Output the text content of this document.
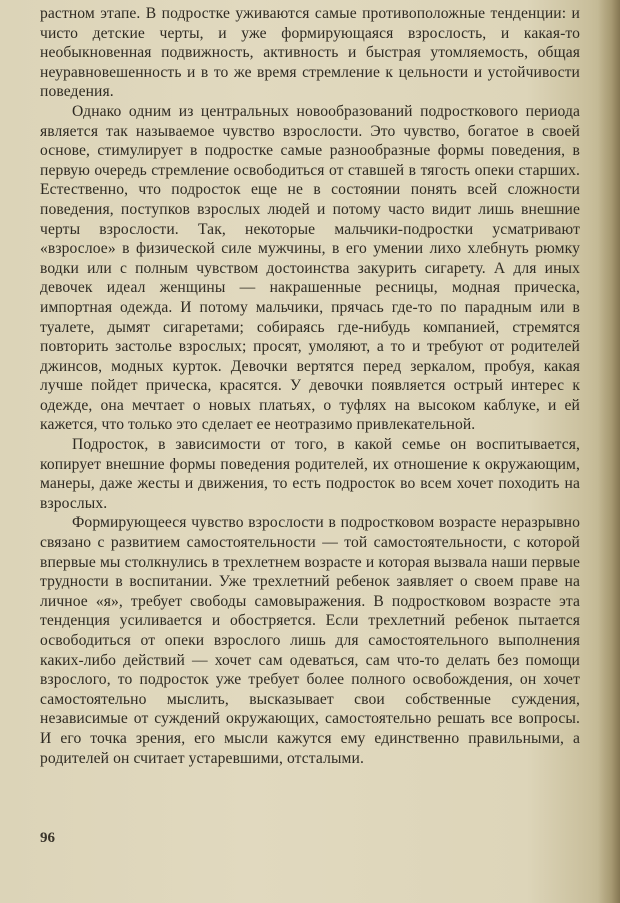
растном этапе. В подростке уживаются самые противоположные тенденции: и чисто детские черты, и уже формирующаяся взрослость, и какая-то необыкновенная подвижность, активность и быстрая утомляемость, общая неуравновешенность и в то же время стремление к цельности и устойчивости поведения.

Однако одним из центральных новообразований подросткового периода является так называемое чувство взрослости. Это чувство, богатое в своей основе, стимулирует в подростке самые разнообразные формы поведения, в первую очередь стремление освободиться от ставшей в тягость опеки старших. Естественно, что подросток еще не в состоянии понять всей сложности поведения, поступков взрослых людей и потому часто видит лишь внешние черты взрослости. Так, некоторые мальчики-подростки усматривают «взрослое» в физической силе мужчины, в его умении лихо хлебнуть рюмку водки или с полным чувством достоинства закурить сигарету. А для иных девочек идеал женщины — накрашенные ресницы, модная прическа, импортная одежда. И потому мальчики, прячась где-то по парадным или в туалете, дымят сигаретами; собираясь где-нибудь компанией, стремятся повторить застолье взрослых; просят, умоляют, а то и требуют от родителей джинсов, модных курток. Девочки вертятся перед зеркалом, пробуя, какая лучше пойдет прическа, красятся. У девочки появляется острый интерес к одежде, она мечтает о новых платьях, о туфлях на высоком каблуке, и ей кажется, что только это сделает ее неотразимо привлекательной.

Подросток, в зависимости от того, в какой семье он воспитывается, копирует внешние формы поведения родителей, их отношение к окружающим, манеры, даже жесты и движения, то есть подросток во всем хочет походить на взрослых.

Формирующееся чувство взрослости в подростковом возрасте неразрывно связано с развитием самостоятельности — той самостоятельности, с которой впервые мы столкнулись в трехлетнем возрасте и которая вызвала наши первые трудности в воспитании. Уже трехлетний ребенок заявляет о своем праве на личное «я», требует свободы самовыражения. В подростковом возрасте эта тенденция усиливается и обостряется. Если трехлетний ребенок пытается освободиться от опеки взрослого лишь для самостоятельного выполнения каких-либо действий — хочет сам одеваться, сам что-то делать без помощи взрослого, то подросток уже требует более полного освобождения, он хочет самостоятельно мыслить, высказывает свои собственные суждения, независимые от суждений окружающих, самостоятельно решать все вопросы. И его точка зрения, его мысли кажутся ему единственно правильными, а родителей он считает устаревшими, отсталыми.

96
